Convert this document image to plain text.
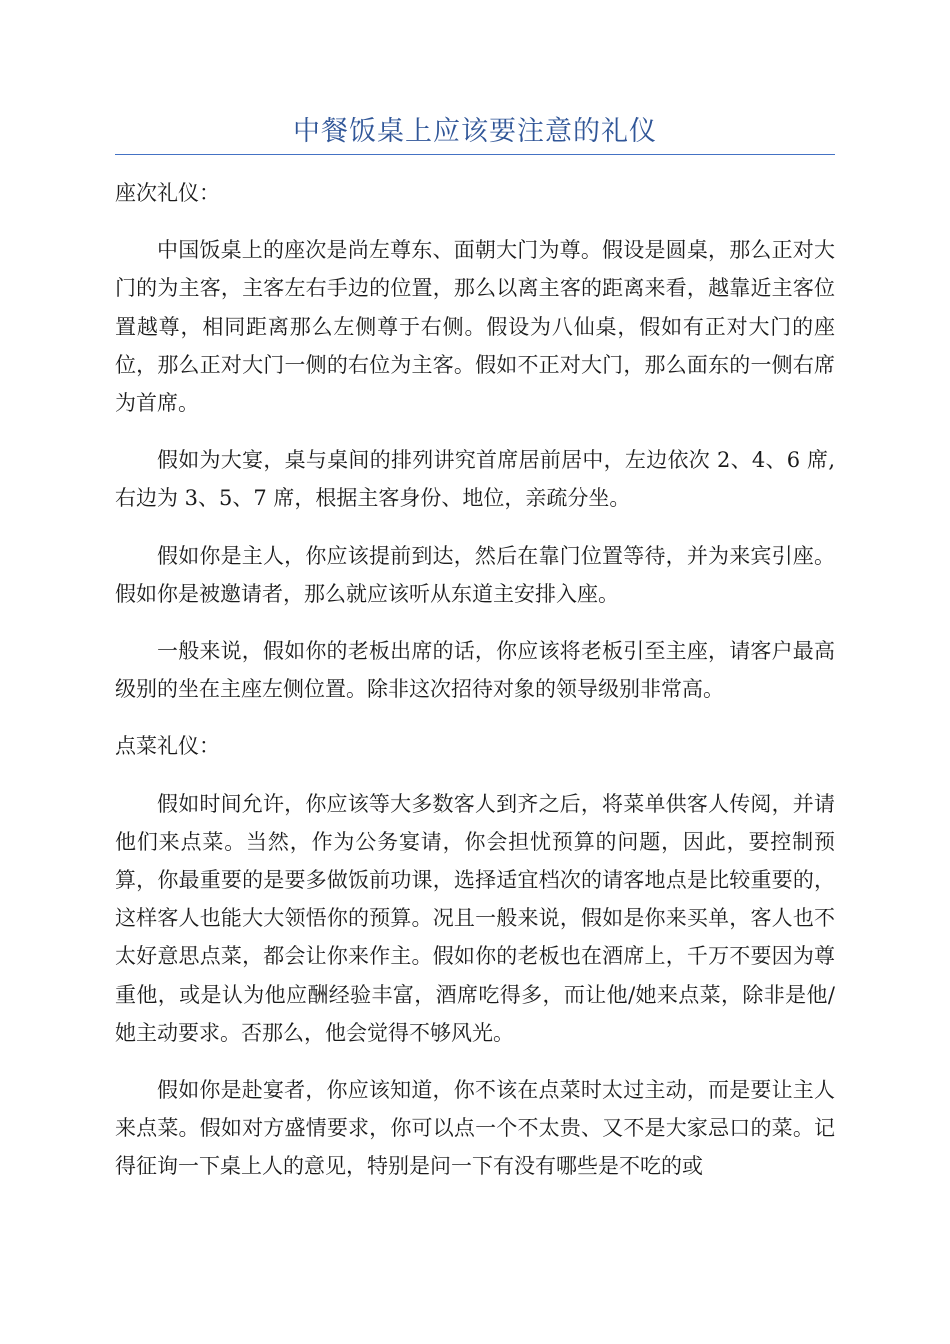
中餐饭桌上应该要注意的礼仪

座次礼仪：

中国饭桌上的座次是尚左尊东、面朝大门为尊。假设是圆桌，那么正对大门的为主客，主客左右手边的位置，那么以离主客的距离来看，越靠近主客位置越尊，相同距离那么左侧尊于右侧。假设为八仙桌，假如有正对大门的座位，那么正对大门一侧的右位为主客。假如不正对大门，那么面东的一侧右席为首席。

假如为大宴，桌与桌间的排列讲究首席居前居中，左边依次 2、4、6 席,右边为 3、5、7 席，根据主客身份、地位，亲疏分坐。

假如你是主人，你应该提前到达，然后在靠门位置等待，并为来宾引座。假如你是被邀请者，那么就应该听从东道主安排入座。

一般来说，假如你的老板出席的话，你应该将老板引至主座，请客户最高级别的坐在主座左侧位置。除非这次招待对象的领导级别非常高。

点菜礼仪：

假如时间允许，你应该等大多数客人到齐之后，将菜单供客人传阅，并请他们来点菜。当然，作为公务宴请，你会担忧预算的问题，因此，要控制预算，你最重要的是要多做饭前功课，选择适宜档次的请客地点是比较重要的，这样客人也能大大领悟你的预算。况且一般来说，假如是你来买单，客人也不太好意思点菜，都会让你来作主。假如你的老板也在酒席上，千万不要因为尊重他，或是认为他应酬经验丰富，酒席吃得多，而让他/她来点菜，除非是他/她主动要求。否那么，他会觉得不够风光。

假如你是赴宴者，你应该知道，你不该在点菜时太过主动，而是要让主人来点菜。假如对方盛情要求，你可以点一个不太贵、又不是大家忌口的菜。记得征询一下桌上人的意见，特别是问一下有没有哪些是不吃的或
